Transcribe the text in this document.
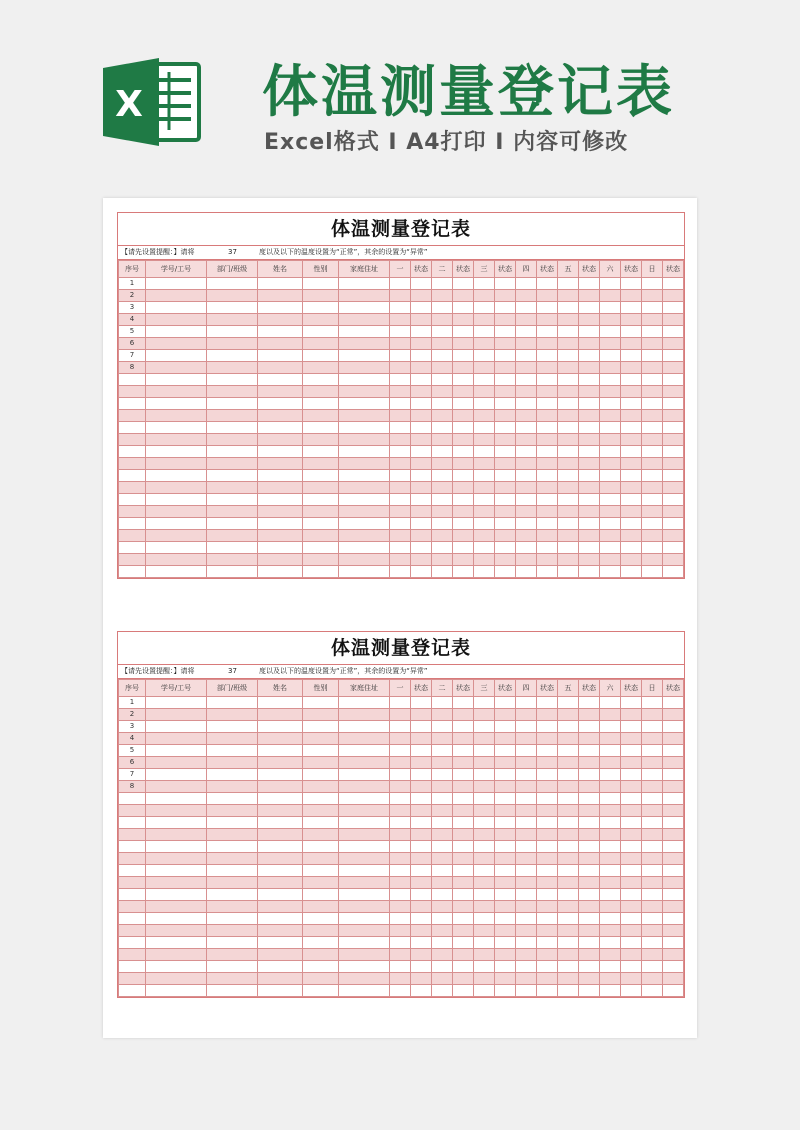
X 体温测量登记表
Excel格式 I A4打印 I 内容可修改
体温测量登记表
【请先设置提醒：】请将	37	度以及以下的温度设置为“正常”，其余的设置为“异常”
序号	学号/工号	部门/班级	姓名	性别	家庭住址	一	状态	二	状态	三	状态	四	状态	五	状态	六	状态	日	状态
1																			
2																			
3																			
4																			
5																			
6																			
7																			
8																			

体温测量登记表
【请先设置提醒：】请将	37	度以及以下的温度设置为“正常”，其余的设置为“异常”
序号	学号/工号	部门/班级	姓名	性别	家庭住址	一	状态	二	状态	三	状态	四	状态	五	状态	六	状态	日	状态
1																			
2																			
3																			
4																			
5																			
6																			
7																			
8																			
